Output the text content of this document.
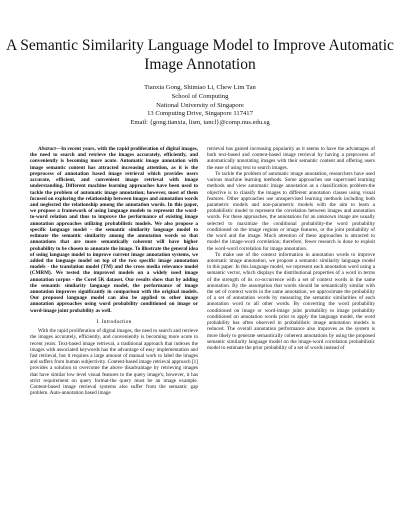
A Semantic Similarity Language Model to Improve Automatic Image Annotation
Tianxia Gong, Shimiao Li, Chew Lim Tan
School of Computing
National University of Singapore
13 Computing Drive, Singapore 117417
Email: {gong.tianxia, lism, tancl}@comp.nus.edu.sg

Abstract—In recent years, with the rapid proliferation of digital images, the need to search and retrieve the images accurately, efficiently, and conveniently is becoming more acute. Automatic image annotation with image semantic content has attracted increasing attention, as it is the preprocess of annotation based image retrieval which provides users accurate, efficient, and convenient image retrieval with image understanding. Different machine learning approaches have been used to tackle the problem of automatic image annotation; however, most of them focused on exploring the relationship between images and annotation words and neglected the relationship among the annotation words. In this paper, we propose a framework of using language models to represent the word-to-word relation and thus to improve the performance of existing image annotation approaches utilizing probabilistic models. We also propose a specific language model - the semantic similarity language model to estimate the semantic similarity among the annotation words so that annotations that are more semantically coherent will have higher probability to be chosen to annotate the image. To illustrate the general idea of using language model to improve current image annotation systems, we added the language model on top of the two specific image annotation models - the translation model (TM) and the cross media relevance model (CMRM). We tested the improved models on a widely used image annotation corpus - the Corel 5K dataset. Our results show that by adding the semantic similarity language model, the performance of image annotation improves significantly in comparison with the original models. Our proposed language model can also be applied to other image annotation approaches using word probability conditioned on image or word-image joint probability as well.

I. Introduction

With the rapid proliferation of digital images, the need to search and retrieve the images accurately, efficiently, and conveniently is becoming more acute in recent years. Text-based image retrieval, a traditional approach that indexes the images with associated keywords has the advantage of easy implementation and fast retrieval, but it requires a large amount of manual work to label the images and suffers from human subjectivity. Content-based image retrieval approach [1] provides a solution to overcome the above disadvantage by retrieving images that have similar low level visual features to the query image's; however, it has strict requirement on query format-the query must be an image example. Content-based image retrieval systems also suffer from the semantic gap problem. Auto-annotation based image

retrieval has gained increasing popularity as it seems to have the advantages of both text-based and content-based image retrieval by having a preprocess of automatically annotating images with their semantic content and offering users the ease of using text to search images.

To tackle the problem of automatic image annotation, researchers have used various machine learning methods. Some approaches use supervised learning methods and view automatic image annotation as a classification problem-the objective is to classify the images to different annotation classes using visual features. Other approaches use unsupervised learning methods including both parametric models and non-parametric models with the aim to learn a probabilistic model to represent the correlation between images and annotation words. For these approaches, the annotations for an unknown image are usually selected to maximize the conditional probability-the word probability conditioned on the image regions or image features, or the joint probability of the word and the image. Much attention of these approaches is attracted to model the image-word correlation; therefore, fewer research is done to exploit the word-word correlation for image annotation.

To make use of the context information in annotation words to improve automatic image annotation, we propose a semantic similarity language model in this paper. In this language model, we represent each annotation word using a semantic vector, which displays the distributional properties of a word in terms of the strength of its co-occurrence with a set of context words in the same annotation. By the assumption that words should be semantically similar with the set of context words in the same annotation, we approximate the probability of a set of annotation words by measuring the semantic similarities of each annotation word to all other words. By converting the word probability conditioned on image or word-image joint probability to image probability conditioned on annotation words prior to apply the language model, the word probability has often observed in probabilistic image annotation models is reduced. The overall annotation performance also improves as the system is more likely to generate semantically coherent annotations by using the proposed semantic similarity language model on the image-word correlation probabilistic model to estimate the prior probability of a set of words instead of
